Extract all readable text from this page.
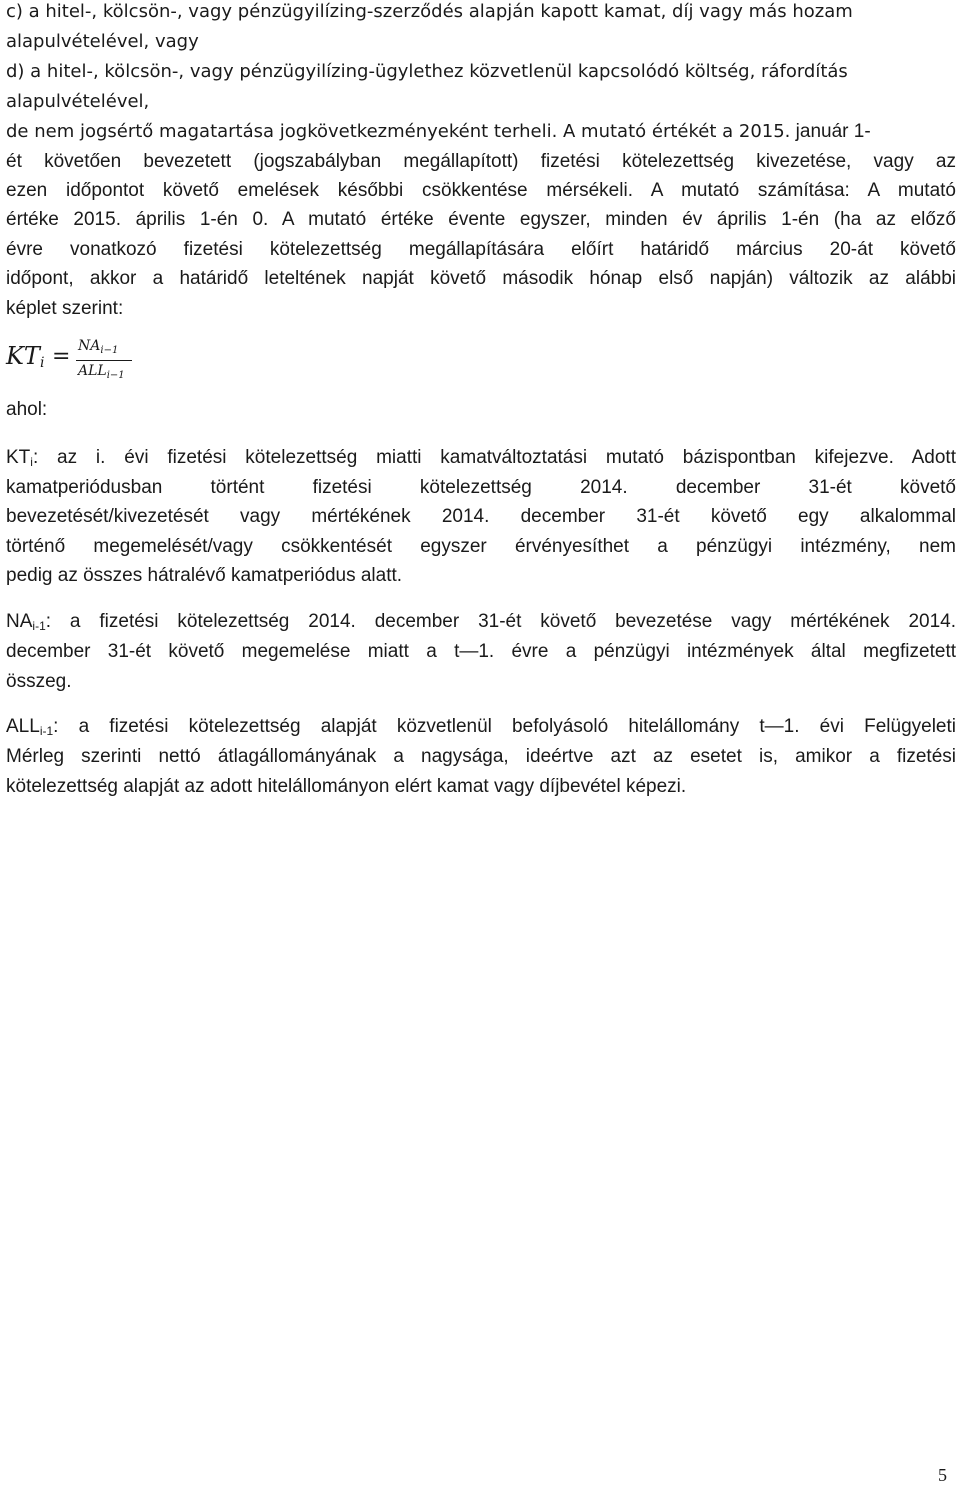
c) a hitel-, kölcsön-, vagy pénzügyilízing-szerződés alapján kapott kamat, díj vagy más hozam
alapulvételével, vagy
d) a hitel-, kölcsön-, vagy pénzügyilízing-ügylethez közvetlenül kapcsolódó költség, ráfordítás
alapulvételével,
de nem jogsértő magatartása jogkövetkezményeként terheli. A mutató értékét a 2015. január 1-
ét követően bevezetett (jogszabályban megállapított) fizetési kötelezettség kivezetése, vagy az
ezen időpontot követő emelések későbbi csökkentése mérsékeli. A mutató számítása: A mutató
értéke 2015. április 1-én 0. A mutató értéke évente egyszer, minden év április 1-én (ha az előző
évre vonatkozó fizetési kötelezettség megállapítására előírt határidő március 20-át követő
időpont, akkor a határidő leteltének napját követő második hónap első napján) változik az alábbi
képlet szerint:
$KT_i = NA_{i-1}$
$ALL_{i-1}$
ahol:
$KT_i$: az i. évi fizetési kötelezettség miatti kamatváltoztatási mutató bázispontban kifejezve. Adott
kamatperiódusban történt fizetési kötelezettség 2014. december 31-ét követő
bevezetését/kivezetését vagy mértékének 2014. december 31-ét követő egy alkalommal
történő megemelését/vagy csökkentését egyszer érvényesíthet a pénzügyi intézmény, nem
pedig az összes hátralévő kamatperiódus alatt.
$NA_{i-1}$: a fizetési kötelezettség 2014. december 31-ét követő bevezetése vagy mértékének 2014.
december 31-ét követő megemelése miatt a t—1. évre a pénzügyi intézmények által megfizetett
összeg.
$ALL_{i-1}$: a fizetési kötelezettség alapját közvetlenül befolyásoló hitelállomány t—1. évi Felügyeleti
Mérleg szerinti nettó átlagállományának a nagysága, ideértve azt az esetet is, amikor a fizetési
kötelezettség alapját az adott hitelállományon elért kamat vagy díjbevétel képezi.
5
